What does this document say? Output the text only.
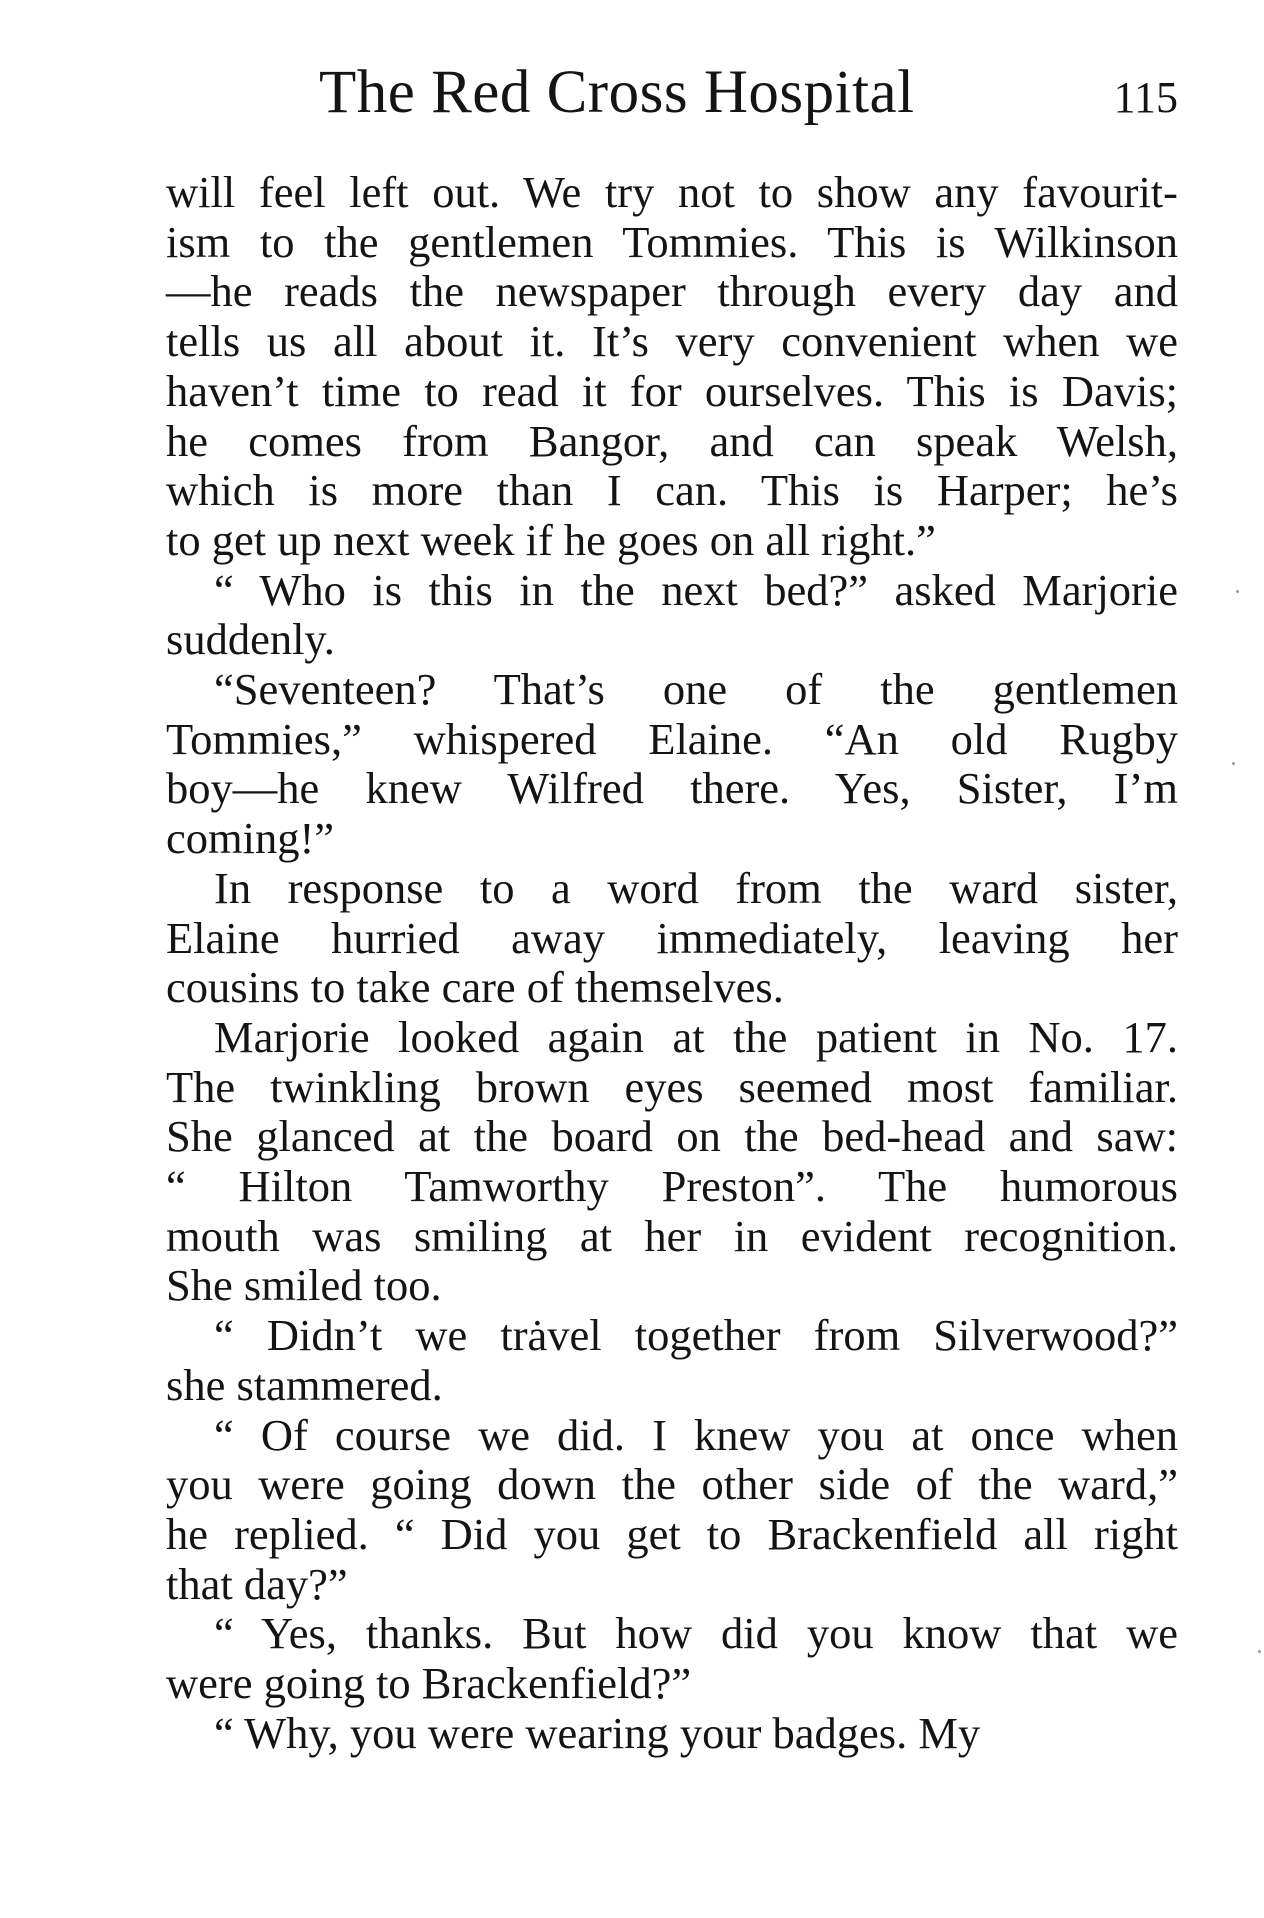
The Red Cross Hospital	115
will feel left out. We try not to show any favourit-
ism to the gentlemen Tommies. This is Wilkinson
—he reads the newspaper through every day and
tells us all about it. It’s very convenient when we
haven’t time to read it for ourselves. This is Davis;
he comes from Bangor, and can speak Welsh,
which is more than I can. This is Harper; he’s
to get up next week if he goes on all right.”
“ Who is this in the next bed?” asked Marjorie
suddenly.
“Seventeen? That’s one of the gentlemen
Tommies,” whispered Elaine. “An old Rugby
boy—he knew Wilfred there. Yes, Sister, I’m
coming!”
In response to a word from the ward sister,
Elaine hurried away immediately, leaving her
cousins to take care of themselves.
Marjorie looked again at the patient in No. 17.
The twinkling brown eyes seemed most familiar.
She glanced at the board on the bed-head and saw:
“ Hilton Tamworthy Preston”. The humorous
mouth was smiling at her in evident recognition.
She smiled too.
“ Didn’t we trȧvel together from Silverwood?”
she stammered.
“ Of course we did. I knew you at once when
you were going down the other side of the ward,”
he replied. “ Did you get to Brackenfield all right
that day?”
“ Yes, thanks. But how did you know that we
were going to Brackenfield?”
“ Why, you were wearing your badges. My
